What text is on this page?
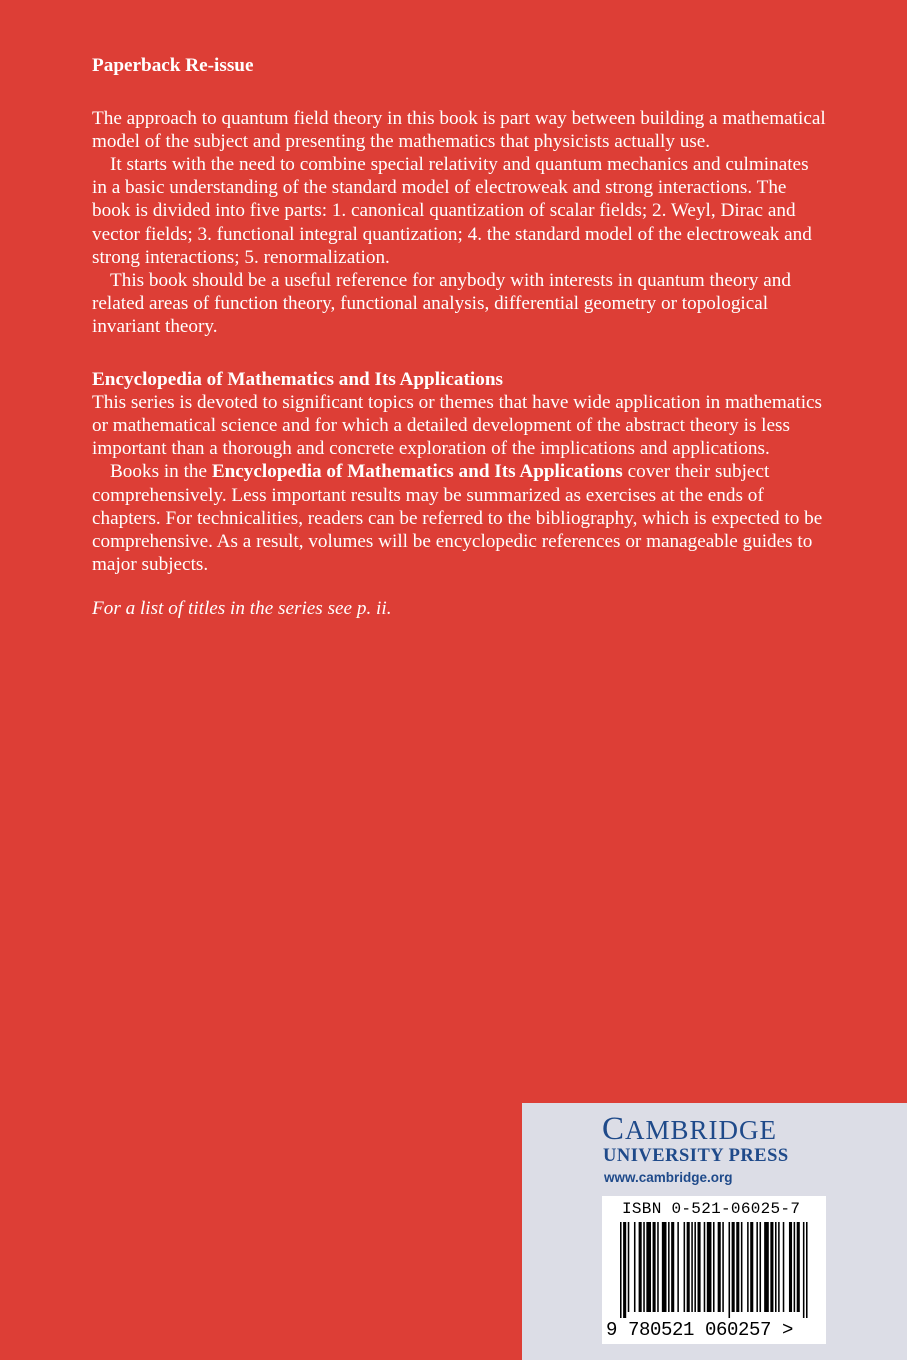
Paperback Re-issue

The approach to quantum field theory in this book is part way between building a mathematical model of the subject and presenting the mathematics that physicists actually use.

It starts with the need to combine special relativity and quantum mechanics and culminates in a basic understanding of the standard model of electroweak and strong interactions. The book is divided into five parts: 1. canonical quantization of scalar fields; 2. Weyl, Dirac and vector fields; 3. functional integral quantization; 4. the standard model of the electroweak and strong interactions; 5. renormalization.

This book should be a useful reference for anybody with interests in quantum theory and related areas of function theory, functional analysis, differential geometry or topological invariant theory.

Encyclopedia of Mathematics and Its Applications

This series is devoted to significant topics or themes that have wide application in mathematics or mathematical science and for which a detailed development of the abstract theory is less important than a thorough and concrete exploration of the implications and applications.

Books in the Encyclopedia of Mathematics and Its Applications cover their subject comprehensively. Less important results may be summarized as exercises at the ends of chapters. For technicalities, readers can be referred to the bibliography, which is expected to be comprehensive. As a result, volumes will be encyclopedic references or manageable guides to major subjects.

For a list of titles in the series see p. ii.

CAMBRIDGE
UNIVERSITY PRESS
www.cambridge.org
ISBN 0-521-06025-7
9 780521 060257 >
